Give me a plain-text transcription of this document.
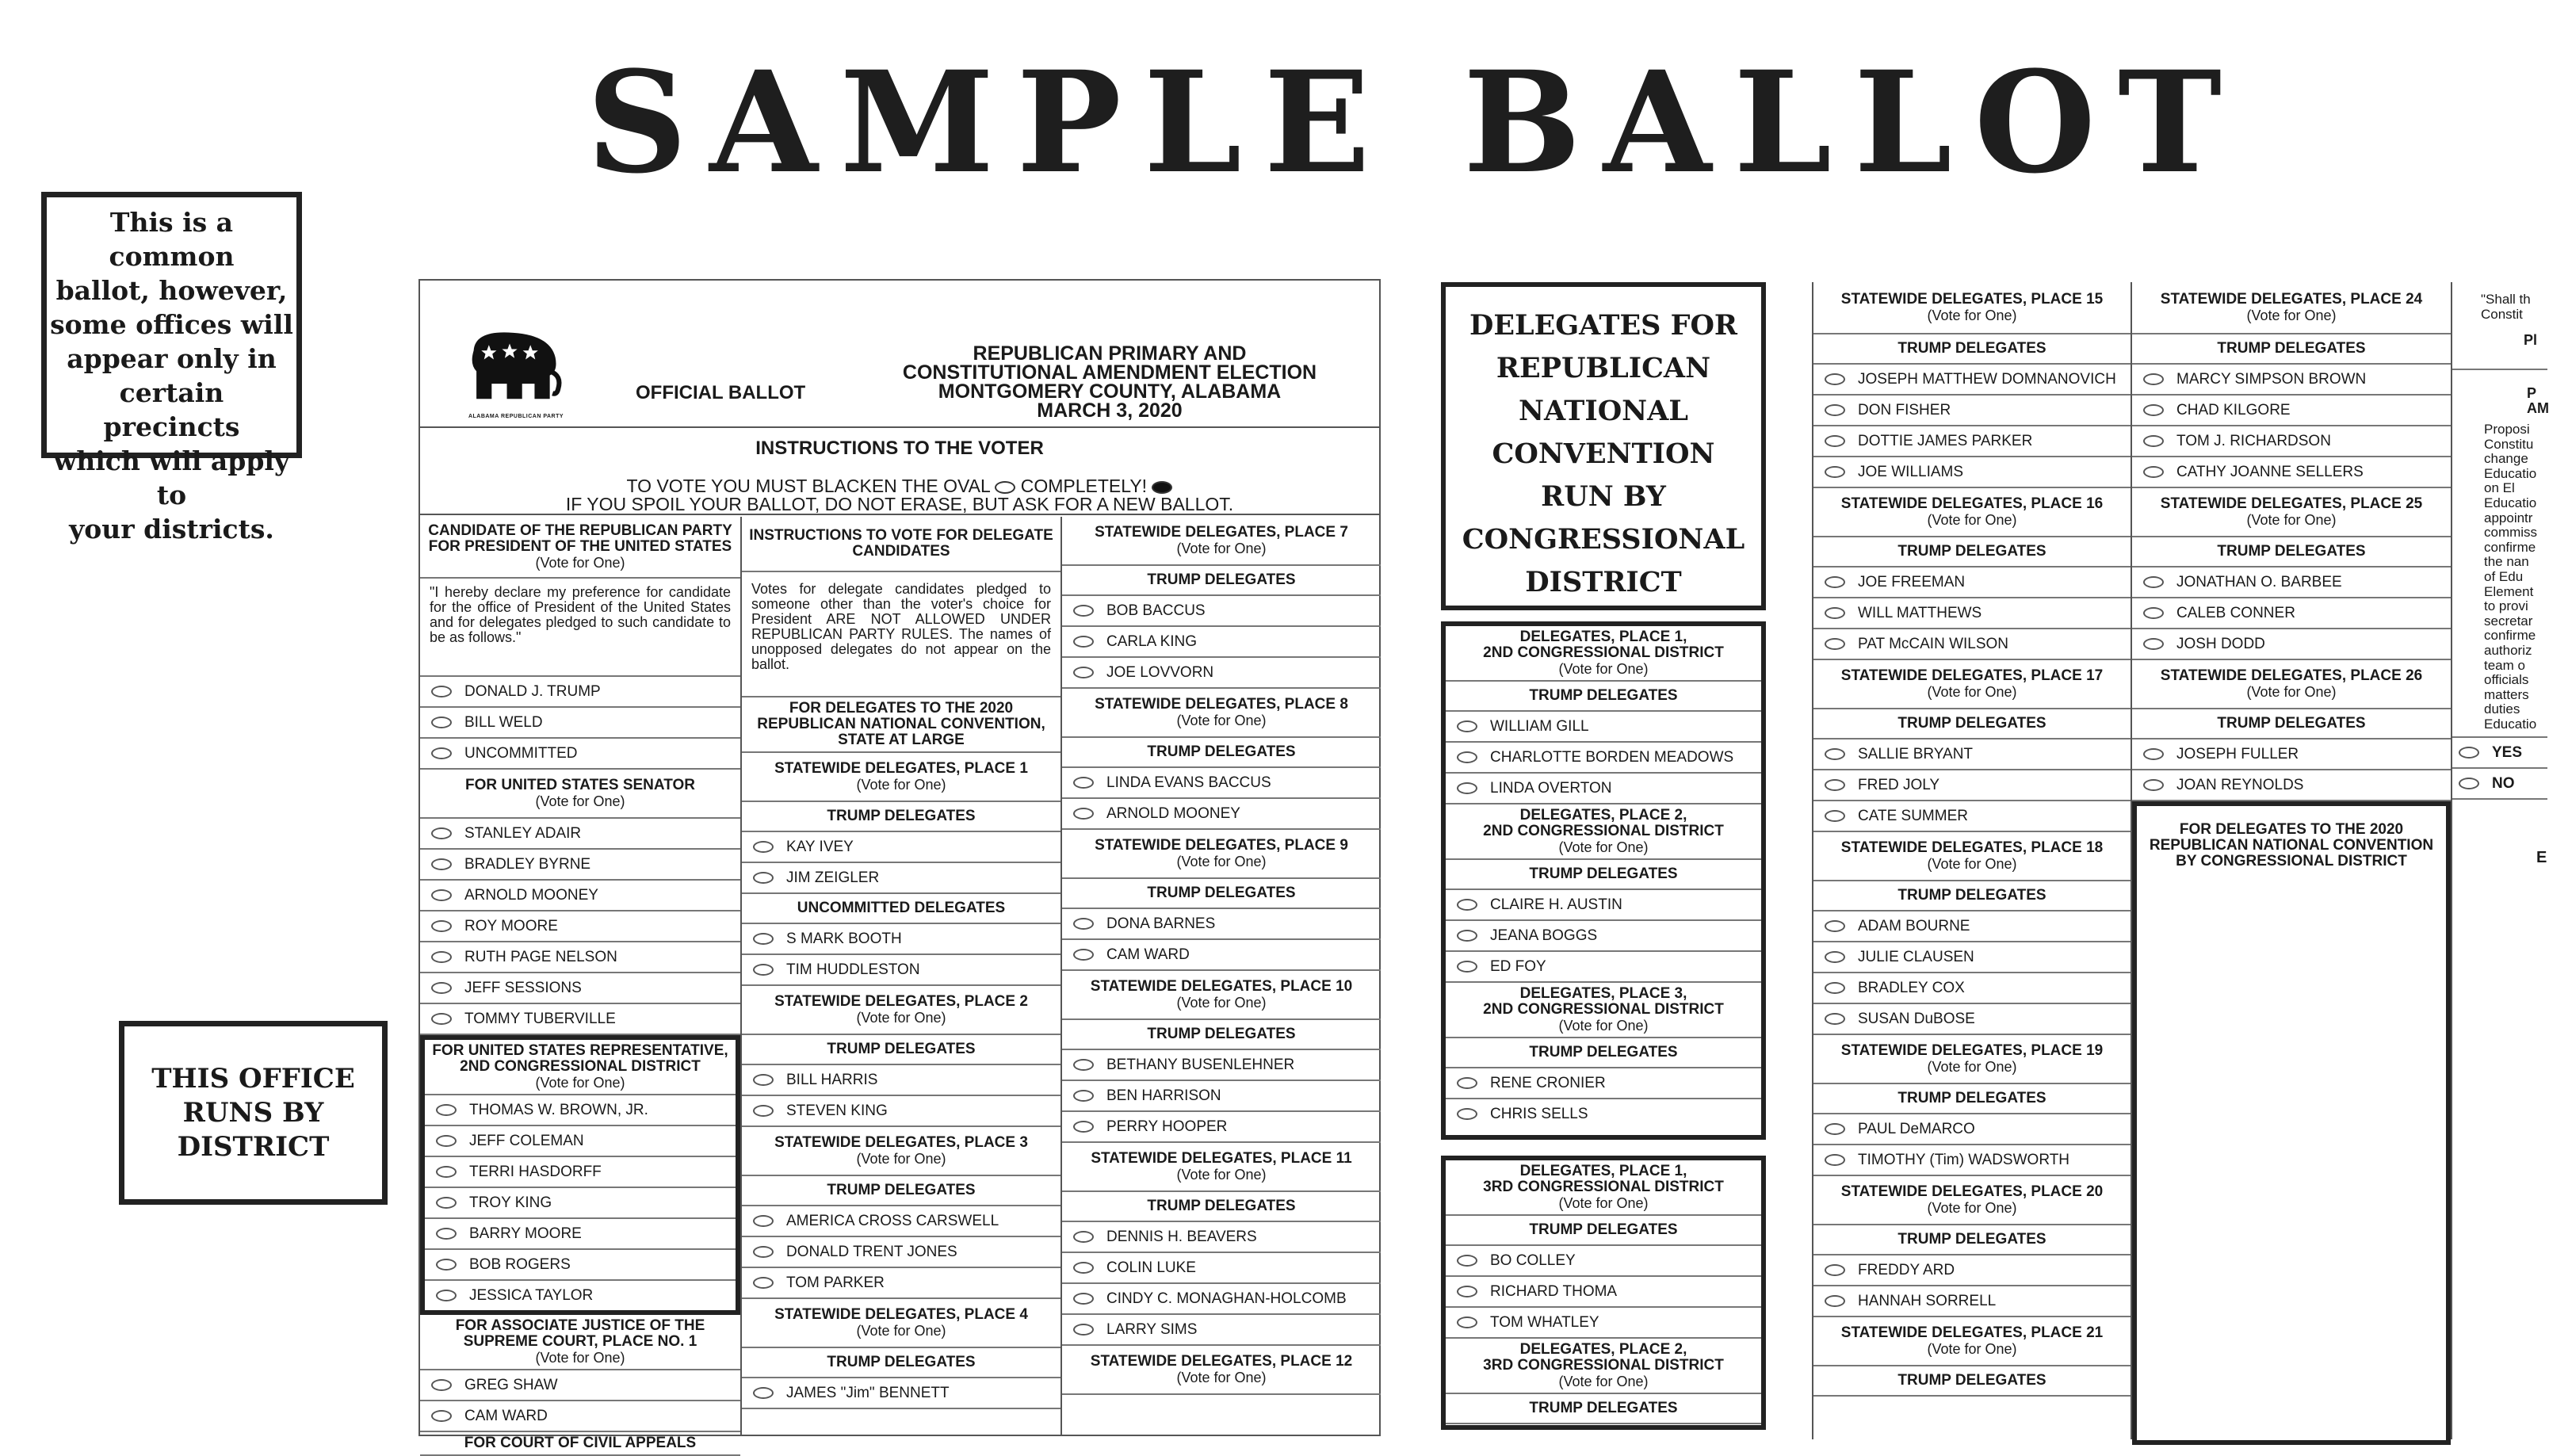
SAMPLE BALLOT
This is a common
ballot, however,
some offices will
appear only in
certain precincts
which will apply to
your districts.
THIS OFFICE
RUNS BY
DISTRICT
ALABAMA REPUBLICAN PARTY
OFFICIAL BALLOT
REPUBLICAN PRIMARY AND
CONSTITUTIONAL AMENDMENT ELECTION
MONTGOMERY COUNTY, ALABAMA
MARCH 3, 2020
INSTRUCTIONS TO THE VOTER
TO VOTE YOU MUST BLACKEN THE OVAL COMPLETELY!
IF YOU SPOIL YOUR BALLOT, DO NOT ERASE, BUT ASK FOR A NEW BALLOT.
CANDIDATE OF THE REPUBLICAN PARTY
FOR PRESIDENT OF THE UNITED STATES
(Vote for One)
"I hereby declare my preference for candidate for the office of President of the United States and for delegates pledged to such candidate to be as follows."
DONALD J. TRUMP
BILL WELD
UNCOMMITTED
FOR UNITED STATES SENATOR
(Vote for One)
STANLEY ADAIR
BRADLEY BYRNE
ARNOLD MOONEY
ROY MOORE
RUTH PAGE NELSON
JEFF SESSIONS
TOMMY TUBERVILLE
FOR UNITED STATES REPRESENTATIVE,
2ND CONGRESSIONAL DISTRICT
(Vote for One)
THOMAS W. BROWN, JR.
JEFF COLEMAN
TERRI HASDORFF
TROY KING
BARRY MOORE
BOB ROGERS
JESSICA TAYLOR
FOR ASSOCIATE JUSTICE OF THE
SUPREME COURT, PLACE NO. 1
(Vote for One)
GREG SHAW
CAM WARD
FOR COURT OF CIVIL APPEALS
INSTRUCTIONS TO VOTE FOR DELEGATE
CANDIDATES
Votes for delegate candidates pledged to someone other than the voter's choice for President ARE NOT ALLOWED UNDER REPUBLICAN PARTY RULES. The names of unopposed delegates do not appear on the ballot.
FOR DELEGATES TO THE 2020
REPUBLICAN NATIONAL CONVENTION,
STATE AT LARGE
STATEWIDE DELEGATES, PLACE 1
(Vote for One)
TRUMP DELEGATES
KAY IVEY
JIM ZEIGLER
UNCOMMITTED DELEGATES
S MARK BOOTH
TIM HUDDLESTON
STATEWIDE DELEGATES, PLACE 2
(Vote for One)
TRUMP DELEGATES
BILL HARRIS
STEVEN KING
STATEWIDE DELEGATES, PLACE 3
(Vote for One)
TRUMP DELEGATES
AMERICA CROSS CARSWELL
DONALD TRENT JONES
TOM PARKER
STATEWIDE DELEGATES, PLACE 4
(Vote for One)
TRUMP DELEGATES
JAMES "Jim" BENNETT
STATEWIDE DELEGATES, PLACE 7
(Vote for One)
TRUMP DELEGATES
BOB BACCUS
CARLA KING
JOE LOVVORN
STATEWIDE DELEGATES, PLACE 8
(Vote for One)
TRUMP DELEGATES
LINDA EVANS BACCUS
ARNOLD MOONEY
STATEWIDE DELEGATES, PLACE 9
(Vote for One)
TRUMP DELEGATES
DONA BARNES
CAM WARD
STATEWIDE DELEGATES, PLACE 10
(Vote for One)
TRUMP DELEGATES
BETHANY BUSENLEHNER
BEN HARRISON
PERRY HOOPER
STATEWIDE DELEGATES, PLACE 11
(Vote for One)
TRUMP DELEGATES
DENNIS H. BEAVERS
COLIN LUKE
CINDY C. MONAGHAN-HOLCOMB
LARRY SIMS
STATEWIDE DELEGATES, PLACE 12
(Vote for One)
DELEGATES FOR
REPUBLICAN
NATIONAL
CONVENTION
RUN BY
CONGRESSIONAL
DISTRICT
DELEGATES, PLACE 1,
2ND CONGRESSIONAL DISTRICT
(Vote for One)
TRUMP DELEGATES
WILLIAM GILL
CHARLOTTE BORDEN MEADOWS
LINDA OVERTON
DELEGATES, PLACE 2,
2ND CONGRESSIONAL DISTRICT
(Vote for One)
TRUMP DELEGATES
CLAIRE H. AUSTIN
JEANA BOGGS
ED FOY
DELEGATES, PLACE 3,
2ND CONGRESSIONAL DISTRICT
(Vote for One)
TRUMP DELEGATES
RENE CRONIER
CHRIS SELLS
DELEGATES, PLACE 1,
3RD CONGRESSIONAL DISTRICT
(Vote for One)
TRUMP DELEGATES
BO COLLEY
RICHARD THOMA
TOM WHATLEY
DELEGATES, PLACE 2,
3RD CONGRESSIONAL DISTRICT
(Vote for One)
TRUMP DELEGATES
STATEWIDE DELEGATES, PLACE 15
(Vote for One)
TRUMP DELEGATES
JOSEPH MATTHEW DOMNANOVICH
DON FISHER
DOTTIE JAMES PARKER
JOE WILLIAMS
STATEWIDE DELEGATES, PLACE 16
(Vote for One)
TRUMP DELEGATES
JOE FREEMAN
WILL MATTHEWS
PAT McCAIN WILSON
STATEWIDE DELEGATES, PLACE 17
(Vote for One)
TRUMP DELEGATES
SALLIE BRYANT
FRED JOLY
CATE SUMMER
STATEWIDE DELEGATES, PLACE 18
(Vote for One)
TRUMP DELEGATES
ADAM BOURNE
JULIE CLAUSEN
BRADLEY COX
SUSAN DuBOSE
STATEWIDE DELEGATES, PLACE 19
(Vote for One)
TRUMP DELEGATES
PAUL DeMARCO
TIMOTHY (Tim) WADSWORTH
STATEWIDE DELEGATES, PLACE 20
(Vote for One)
TRUMP DELEGATES
FREDDY ARD
HANNAH SORRELL
STATEWIDE DELEGATES, PLACE 21
(Vote for One)
TRUMP DELEGATES
STATEWIDE DELEGATES, PLACE 24
(Vote for One)
TRUMP DELEGATES
MARCY SIMPSON BROWN
CHAD KILGORE
TOM J. RICHARDSON
CATHY JOANNE SELLERS
STATEWIDE DELEGATES, PLACE 25
(Vote for One)
TRUMP DELEGATES
JONATHAN O. BARBEE
CALEB CONNER
JOSH DODD
STATEWIDE DELEGATES, PLACE 26
(Vote for One)
TRUMP DELEGATES
JOSEPH FULLER
JOAN REYNOLDS
FOR DELEGATES TO THE 2020
REPUBLICAN NATIONAL CONVENTION
BY CONGRESSIONAL DISTRICT
"Shall th
Constit
Pl
P
AM
Proposi
Constitu
change
Educatio
on El
Educatio
appointr
commiss
confirme
the nan
of Edu
Element
to provi
secretar
confirme
authoriz
team o
officials
matters
duties
Educatio
YES
NO
E
